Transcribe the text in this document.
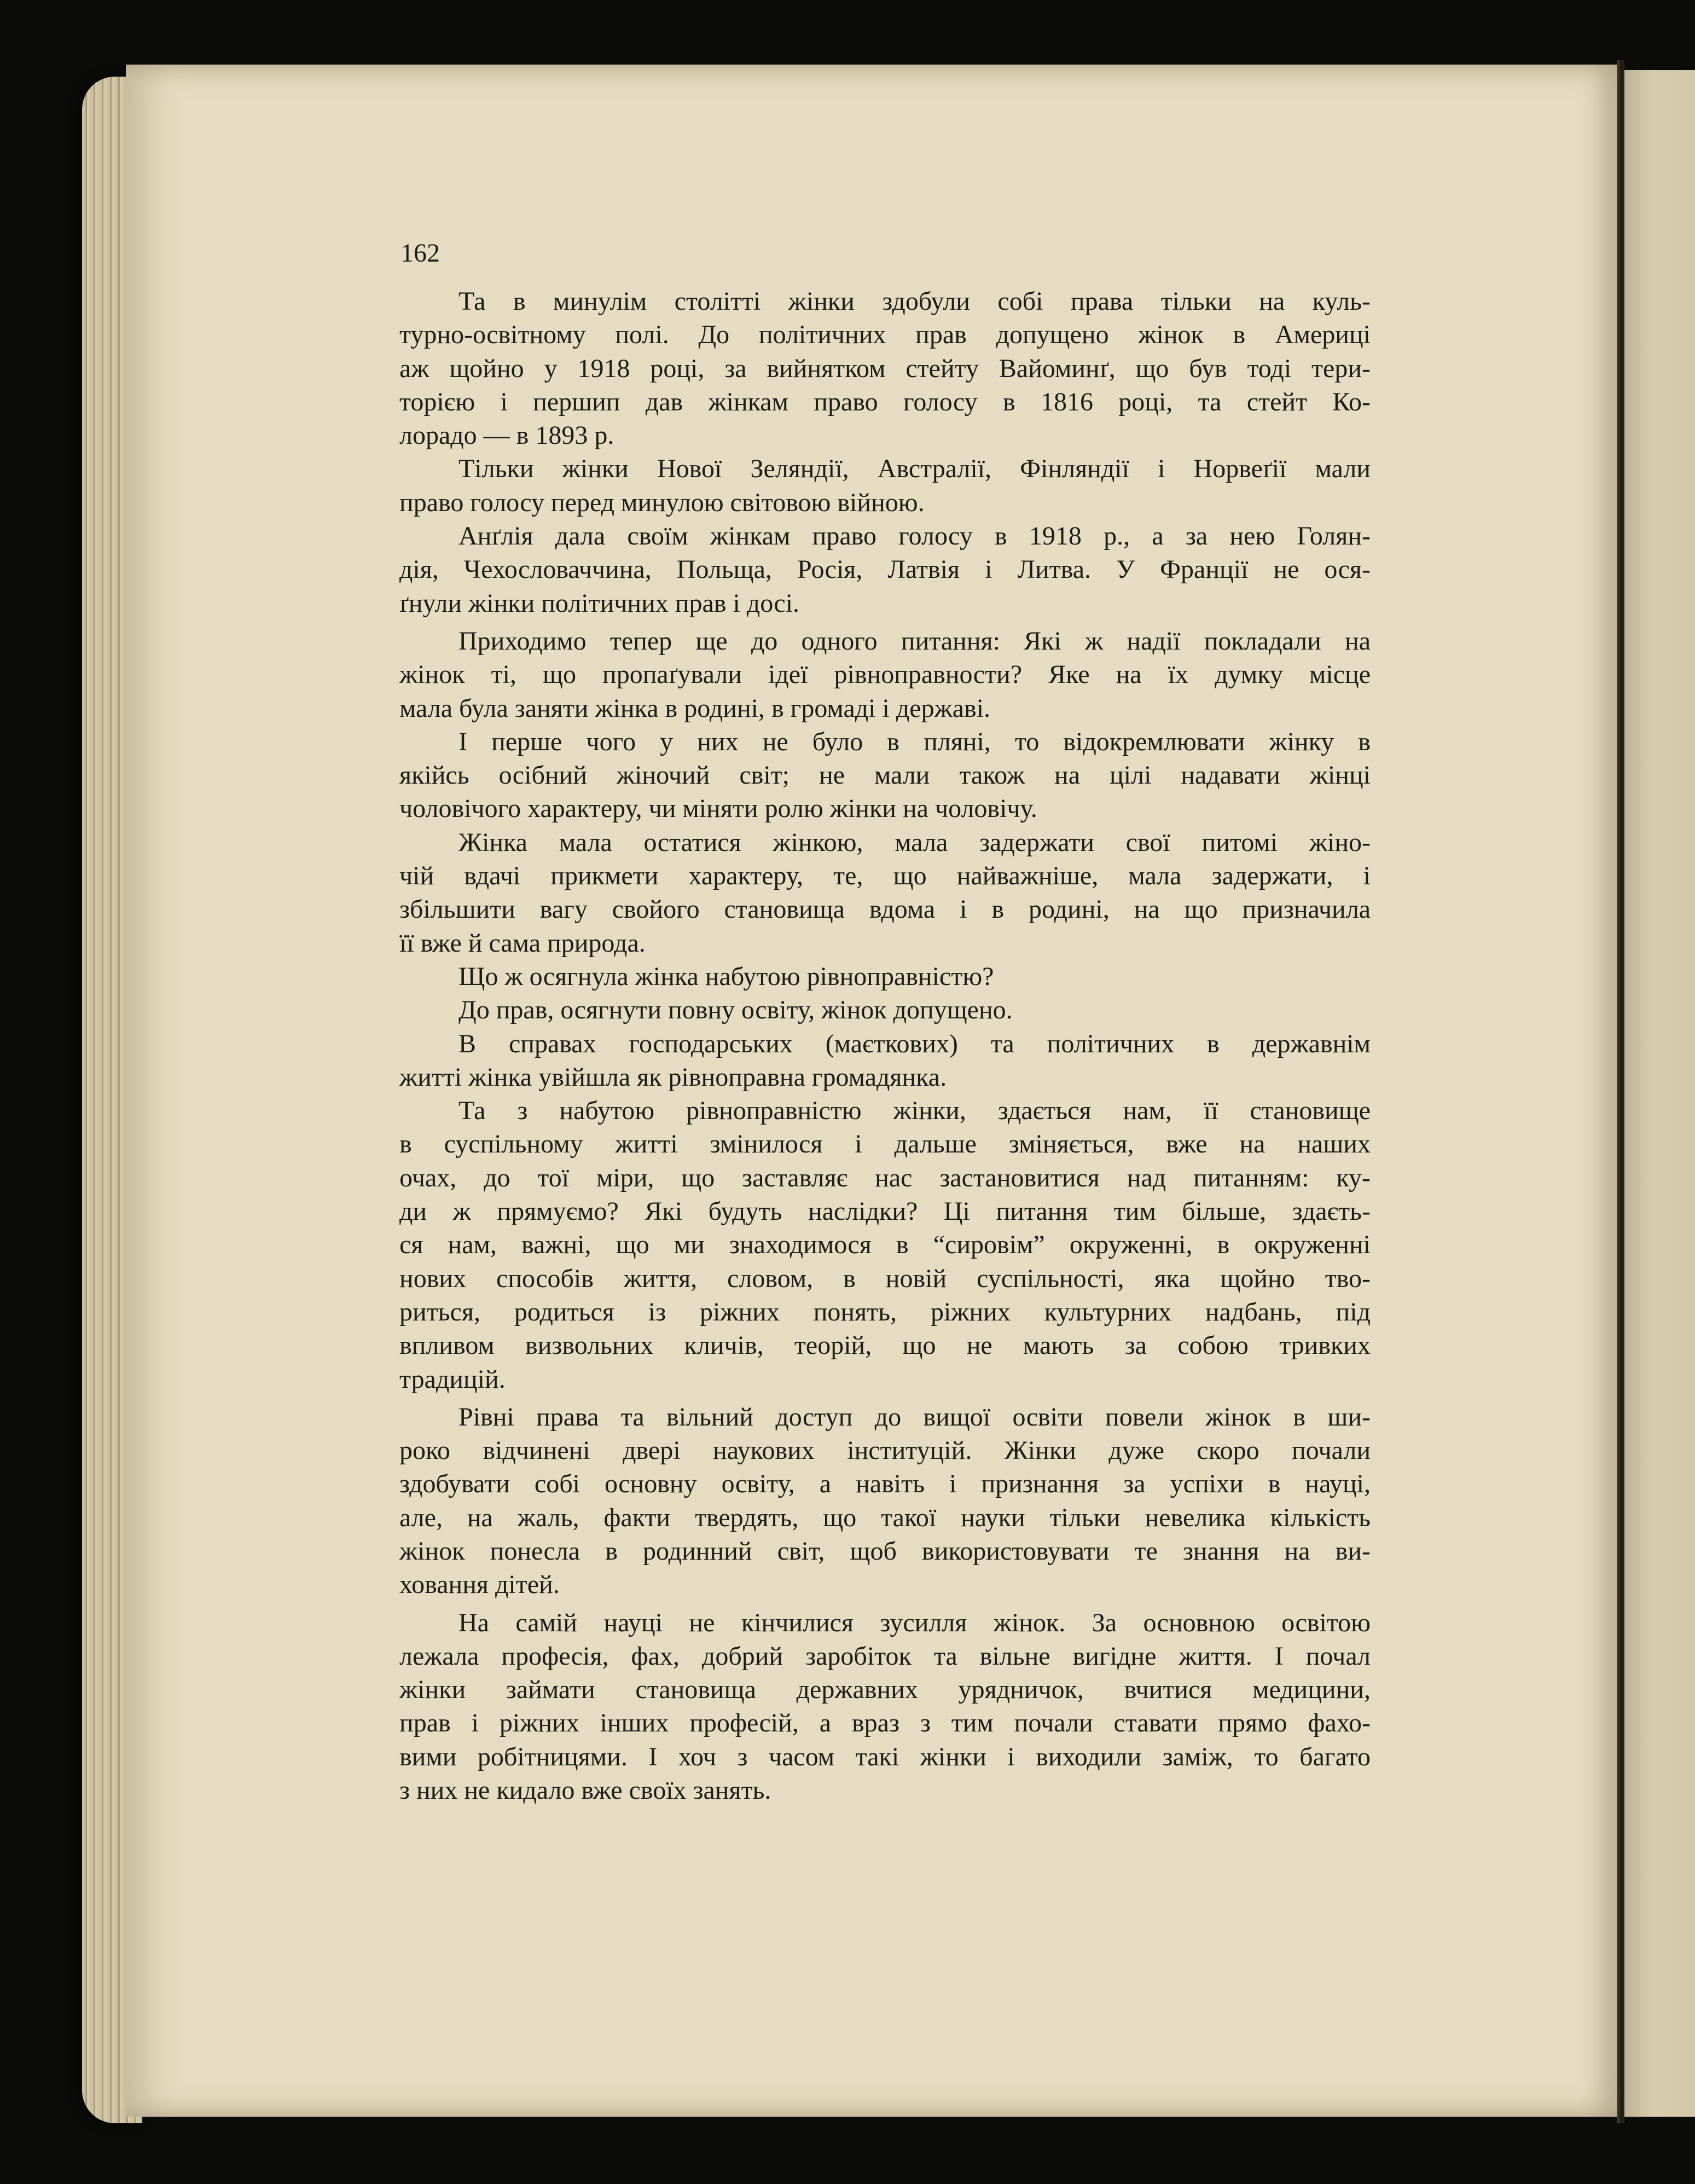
162
Та в минулім столітті жінки здобули собі права тільки на куль-
турно-освітному полі. До політичних прав допущено жінок в Америці
аж щойно у 1918 році, за вийнятком стейту Вайоминґ, що був тоді тери-
торією і першип дав жінкам право голосу в 1816 році, та стейт Ко-
лорадо — в 1893 р.
Тільки жінки Нової Зеляндії, Австралії, Фінляндії і Норвеґії мали
право голосу перед минулою світовою війною.
Анґлія дала своїм жінкам право голосу в 1918 р., а за нею Голян-
дія, Чехословаччина, Польща, Росія, Латвія і Литва. У Франції не ося-
ґнули жінки політичних прав і досі.
Приходимо тепер ще до одного питання: Які ж надії покладали на
жінок ті, що пропаґували ідеї рівноправности? Яке на їх думку місце
мала була заняти жінка в родині, в громаді і державі.
І перше чого у них не було в пляні, то відокремлювати жінку в
якійсь осібний жіночий світ; не мали також на цілі надавати жінці
чоловічого характеру, чи міняти ролю жінки на чоловічу.
Жінка мала остатися жінкою, мала задержати свої питомі жіно-
чій вдачі прикмети характеру, те, що найважніше, мала задержати, і
збільшити вагу свойого становища вдома і в родині, на що призначила
її вже й сама природа.
Що ж осягнула жінка набутою рівноправністю?
До прав, осягнути повну освіту, жінок допущено.
В справах господарських (маєткових) та політичних в державнім
житті жінка увійшла як рівноправна громадянка.
Та з набутою рівноправністю жінки, здається нам, її становище
в суспільному житті змінилося і дальше зміняється, вже на наших
очах, до тої міри, що заставляє нас застановитися над питанням: ку-
ди ж прямуємо? Які будуть наслідки? Ці питання тим більше, здаєть-
ся нам, важні, що ми знаходимося в “сировім” окруженні, в окруженні
нових способів життя, словом, в новій суспільності, яка щойно тво-
риться, родиться із ріжних понять, ріжних культурних надбань, під
впливом визвольних кличів, теорій, що не мають за собою тривких
традицій.
Рівні права та вільний доступ до вищої освіти повели жінок в ши-
роко відчинені двері наукових інституцій. Жінки дуже скоро почали
здобувати собі основну освіту, а навіть і признання за успіхи в науці,
але, на жаль, факти твердять, що такої науки тільки невелика кількість
жінок понесла в родинний світ, щоб використовувати те знання на ви-
ховання дітей.
На самій науці не кінчилися зусилля жінок. За основною освітою
лежала професія, фах, добрий заробіток та вільне вигідне життя. І почал
жінки займати становища державних урядничок, вчитися медицини,
прав і ріжних інших професій, а враз з тим почали ставати прямо фахо-
вими робітницями. І хоч з часом такі жінки і виходили заміж, то багато
з них не кидало вже своїх занять.
